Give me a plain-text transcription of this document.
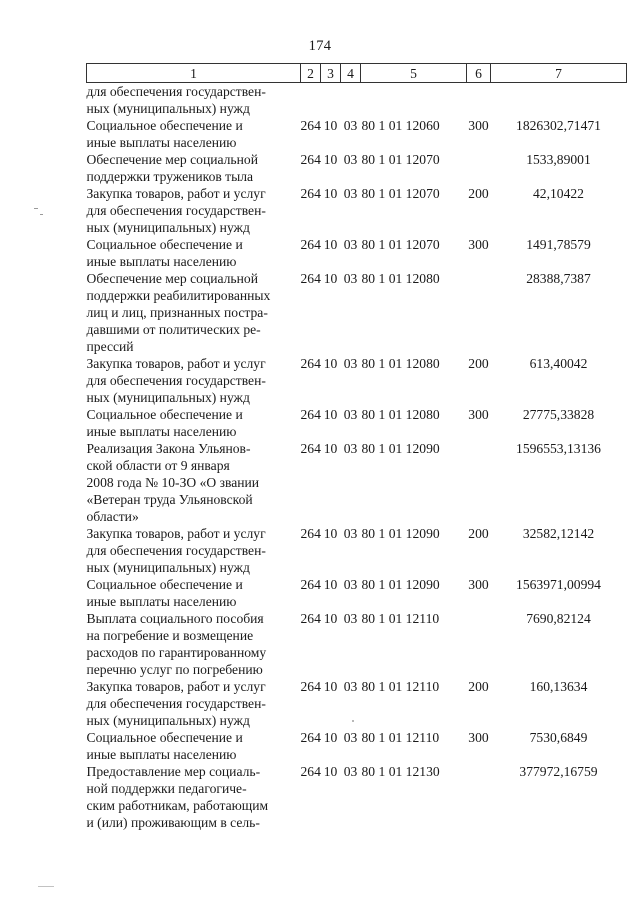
174
1	2	3	4	5	6	7

для обеспечения государствен-
ных (муниципальных) нужд						

Социальное обеспечение и
иные выплаты населению	264	10	03	80 1 01 12060	300	1826302,71471

Обеспечение мер социальной
поддержки тружеников тыла	264	10	03	80 1 01 12070		1533,89001

Закупка товаров, работ и услуг
для обеспечения государствен-
ных (муниципальных) нужд	264	10	03	80 1 01 12070	200	42,10422

Социальное обеспечение и
иные выплаты населению	264	10	03	80 1 01 12070	300	1491,78579

Обеспечение мер социальной
поддержки реабилитированных
лиц и лиц, признанных постра-
давшими от политических ре-
прессий	264	10	03	80 1 01 12080		28388,7387

Закупка товаров, работ и услуг
для обеспечения государствен-
ных (муниципальных) нужд	264	10	03	80 1 01 12080	200	613,40042

Социальное обеспечение и
иные выплаты населению	264	10	03	80 1 01 12080	300	27775,33828

Реализация Закона Ульянов-
ской области от 9 января
2008 года № 10-ЗО «О звании
«Ветеран труда Ульяновской
области»	264	10	03	80 1 01 12090		1596553,13136

Закупка товаров, работ и услуг
для обеспечения государствен-
ных (муниципальных) нужд	264	10	03	80 1 01 12090	200	32582,12142

Социальное обеспечение и
иные выплаты населению	264	10	03	80 1 01 12090	300	1563971,00994

Выплата социального пособия
на погребение и возмещение
расходов по гарантированному
перечню услуг по погребению	264	10	03	80 1 01 12110		7690,82124

Закупка товаров, работ и услуг
для обеспечения государствен-
ных (муниципальных) нужд	264	10	03	80 1 01 12110	200	160,13634

Социальное обеспечение и
иные выплаты населению	264	10	03	80 1 01 12110	300	7530,6849

Предоставление мер социаль-
ной поддержки педагогиче-
ским работникам, работающим
и (или) проживающим в сель-	264	10	03	80 1 01 12130		377972,16759
